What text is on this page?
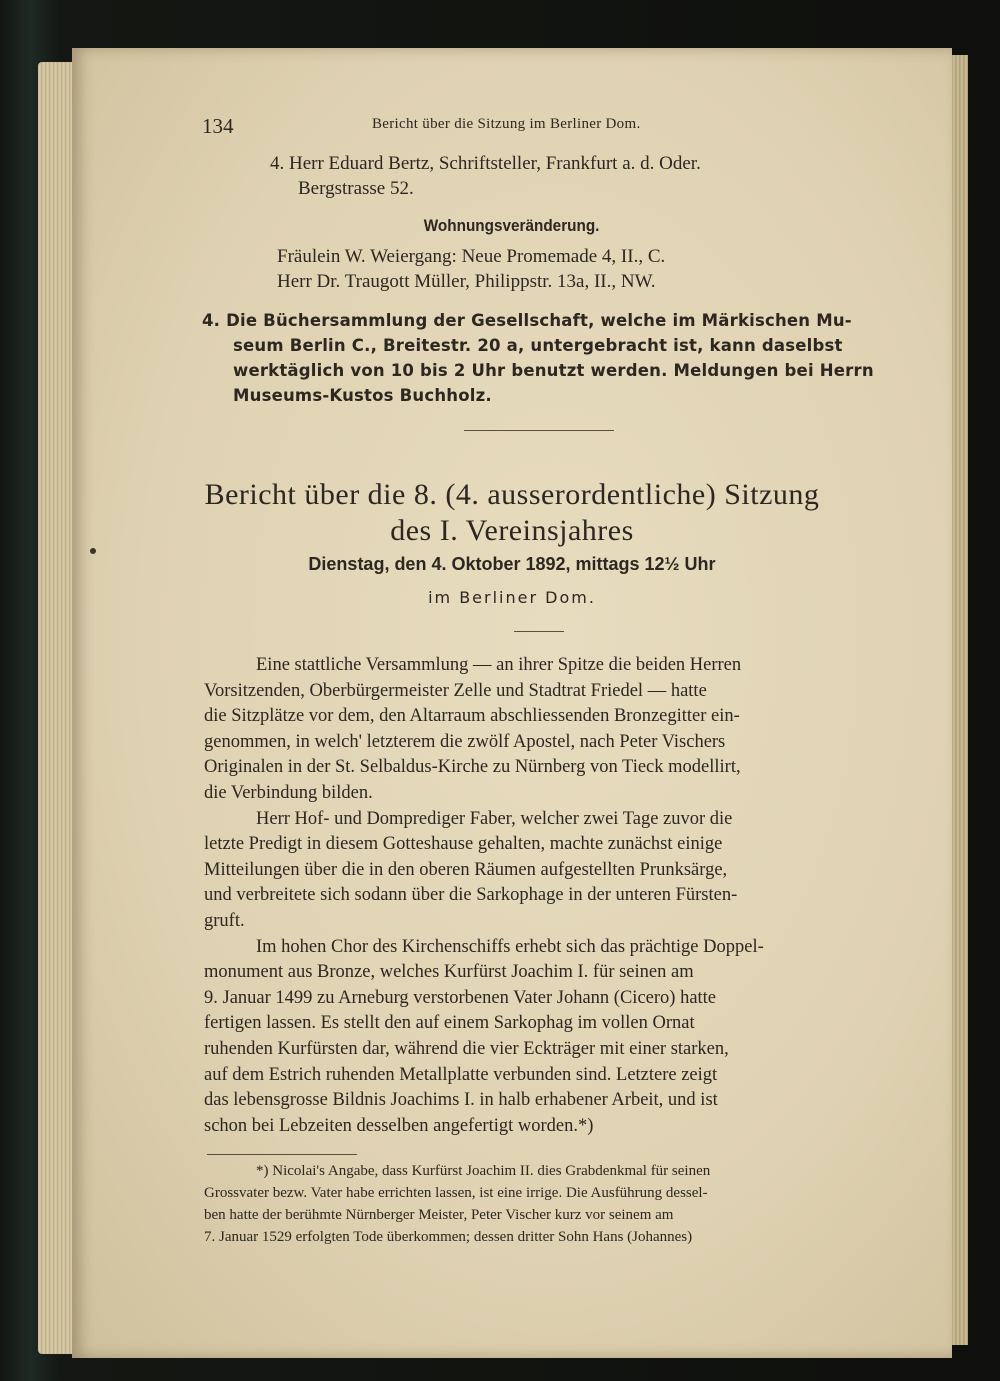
134	Bericht über die Sitzung im Berliner Dom.
4. Herr Eduard Bertz, Schriftsteller, Frankfurt a. d. Oder.
Bergstrasse 52.
Wohnungsveränderung.
Fräulein W. Weiergang: Neue Promemade 4, II., C.
Herr Dr. Traugott Müller, Philippstr. 13a, II., NW.
4. Die Büchersammlung der Gesellschaft, welche im Märkischen Mu-
seum Berlin C., Breitestr. 20 a, untergebracht ist, kann daselbst
werktäglich von 10 bis 2 Uhr benutzt werden. Meldungen bei Herrn
Museums-Kustos Buchholz.
Bericht über die 8. (4. ausserordentliche) Sitzung
des I. Vereinsjahres
Dienstag, den 4. Oktober 1892, mittags 12½ Uhr
im Berliner Dom.
Eine stattliche Versammlung — an ihrer Spitze die beiden Herren
Vorsitzenden, Oberbürgermeister Zelle und Stadtrat Friedel — hatte
die Sitzplätze vor dem, den Altarraum abschliessenden Bronzegitter ein-
genommen, in welch' letzterem die zwölf Apostel, nach Peter Vischers
Originalen in der St. Selbaldus-Kirche zu Nürnberg von Tieck modellirt,
die Verbindung bilden.
Herr Hof- und Domprediger Faber, welcher zwei Tage zuvor die
letzte Predigt in diesem Gotteshause gehalten, machte zunächst einige
Mitteilungen über die in den oberen Räumen aufgestellten Prunksärge,
und verbreitete sich sodann über die Sarkophage in der unteren Fürsten-
gruft.
Im hohen Chor des Kirchenschiffs erhebt sich das prächtige Doppel-
monument aus Bronze, welches Kurfürst Joachim I. für seinen am
9. Januar 1499 zu Arneburg verstorbenen Vater Johann (Cicero) hatte
fertigen lassen. Es stellt den auf einem Sarkophag im vollen Ornat
ruhenden Kurfürsten dar, während die vier Eckträger mit einer starken,
auf dem Estrich ruhenden Metallplatte verbunden sind. Letztere zeigt
das lebensgrosse Bildnis Joachims I. in halb erhabener Arbeit, und ist
schon bei Lebzeiten desselben angefertigt worden.*)
*) Nicolai's Angabe, dass Kurfürst Joachim II. dies Grabdenkmal für seinen
Grossvater bezw. Vater habe errichten lassen, ist eine irrige. Die Ausführung dessel-
ben hatte der berühmte Nürnberger Meister, Peter Vischer kurz vor seinem am
7. Januar 1529 erfolgten Tode überkommen; dessen dritter Sohn Hans (Johannes)
